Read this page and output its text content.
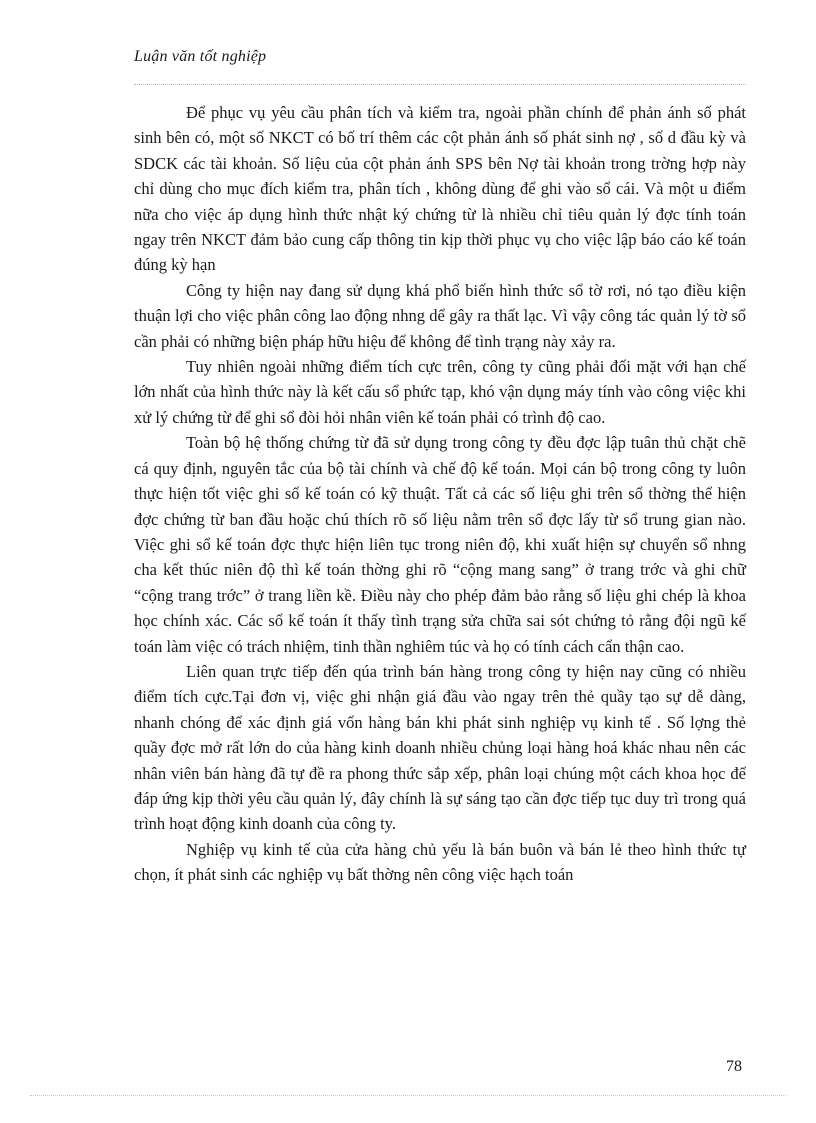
Luận văn tốt nghiệp

Để phục vụ yêu cầu phân tích và kiểm tra, ngoài phần chính để phản ánh số phát sinh bên có, một số NKCT có bố trí thêm các cột phản ánh số phát sinh nợ , số d đầu kỳ và SDCK các tài khoản. Số liệu của cột phản ánh SPS bên Nợ tài khoản trong trờng hợp này chỉ dùng cho mục đích kiểm tra, phân tích , không dùng để ghi vào sổ cái. Và một u điểm nữa cho việc áp dụng hình thức nhật ký chứng từ là nhiều chỉ tiêu quản lý đợc tính toán ngay trên NKCT đảm bảo cung cấp thông tin kịp thời phục vụ cho việc lập báo cáo kế toán đúng kỳ hạn

Công ty hiện nay đang sử dụng khá phổ biến hình thức sổ tờ rơi, nó tạo điều kiện thuận lợi cho việc phân công lao động nhng dể gây ra thất lạc. Vì vậy công tác quản lý tờ sổ cần phải có những biện pháp hữu hiệu để không để tình trạng này xảy ra.

Tuy nhiên ngoài những điểm tích cực trên, công ty cũng phải đối mặt với hạn chế lớn nhất của hình thức này là kết cấu sổ phức tạp, khó vận dụng máy tính vào công việc khi xử lý chứng từ để ghi sổ đòi hỏi nhân viên kế toán phải có trình độ cao.

Toàn bộ hệ thống chứng từ đã sử dụng trong công ty đều đợc lập tuân thủ chặt chẽ cá quy định, nguyên tắc của bộ tài chính và chế độ kế toán. Mọi cán bộ trong công ty luôn thực hiện tốt việc ghi sổ kế toán có kỹ thuật. Tất cả các số liệu ghi trên sổ thờng thể hiện đợc chứng từ ban đầu hoặc chú thích rõ số liệu nằm trên sổ đợc lấy từ sổ trung gian nào. Việc ghi sổ kế toán đợc thực hiện liên tục trong niên độ, khi xuất hiện sự chuyển sổ nhng cha kết thúc niên độ thì kế toán thờng ghi rõ “cộng mang sang” ở trang trớc và ghi chữ “cộng trang trớc” ở trang liền kề. Điều này cho phép đảm bảo rằng số liệu ghi chép là khoa học chính xác. Các sổ kế toán ít thấy tình trạng sửa chữa sai sót chứng tỏ rằng đội ngũ kế toán làm việc có trách nhiệm, tinh thần nghiêm túc và họ có tính cách cẩn thận cao.

Liên quan trực tiếp đến qúa trình bán hàng trong công ty hiện nay cũng có nhiều điểm tích cực.Tại đơn vị, việc ghi nhận giá đầu vào ngay trên thẻ quầy tạo sự dễ dàng, nhanh chóng để xác định giá vốn hàng bán khi phát sinh nghiệp vụ kinh tế . Số lợng thẻ quầy đợc mở rất lớn do của hàng kinh doanh nhiều chủng loại hàng hoá khác nhau nên các nhân viên bán hàng đã tự đề ra phong thức sắp xếp, phân loại chúng một cách khoa học để đáp ứng kịp thời yêu cầu quản lý, đây chính là sự sáng tạo cần đợc tiếp tục duy trì trong quá trình hoạt động kinh doanh của công ty.

Nghiệp vụ kinh tế của cửa hàng chủ yếu là bán buôn và bán lẻ theo hình thức tự chọn, ít phát sinh các nghiệp vụ bất thờng nên công việc hạch toán

78
